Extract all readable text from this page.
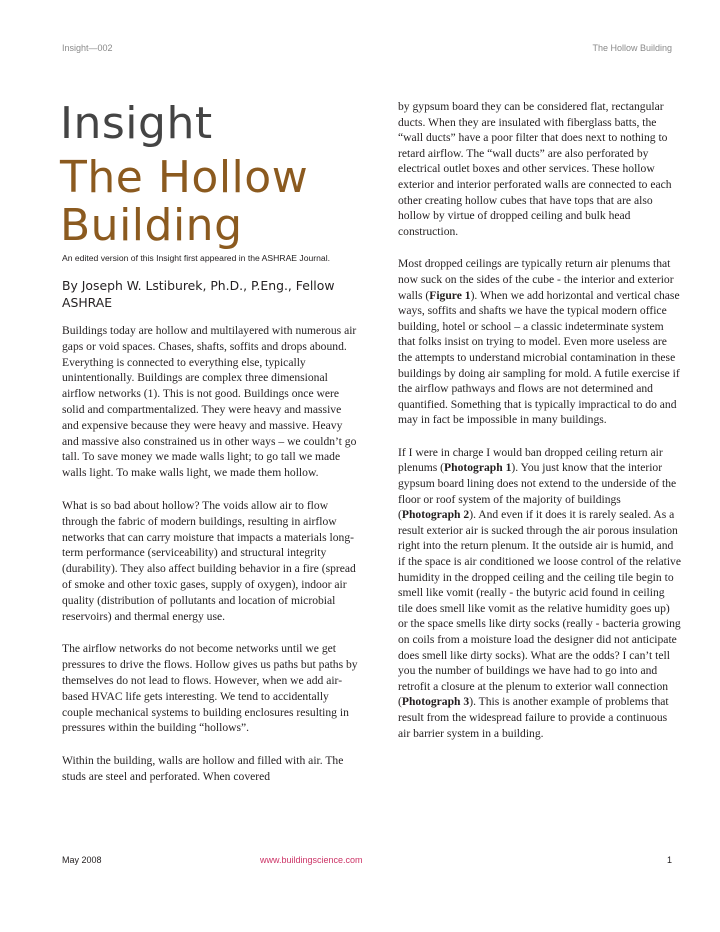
Insight—002	The Hollow Building
Insight
The Hollow
Building
An edited version of this Insight first appeared in the ASHRAE Journal.
By Joseph W. Lstiburek, Ph.D., P.Eng., Fellow ASHRAE

Buildings today are hollow and multilayered with numerous air gaps or void spaces. Chases, shafts, soffits and drops abound. Everything is connected to everything else, typically unintentionally. Buildings are complex three dimensional airflow networks (1). This is not good. Buildings once were solid and compartmentalized. They were heavy and massive and expensive because they were heavy and massive. Heavy and massive also constrained us in other ways – we couldn’t go tall. To save money we made walls light; to go tall we made walls light. To make walls light, we made them hollow.

What is so bad about hollow? The voids allow air to flow through the fabric of modern buildings, resulting in airflow networks that can carry moisture that impacts a materials long-term performance (serviceability) and structural integrity (durability). They also affect building behavior in a fire (spread of smoke and other toxic gases, supply of oxygen), indoor air quality (distribution of pollutants and location of microbial reservoirs) and thermal energy use.

The airflow networks do not become networks until we get pressures to drive the flows. Hollow gives us paths but paths by themselves do not lead to flows. However, when we add air-based HVAC life gets interesting. We tend to accidentally couple mechanical systems to building enclosures resulting in pressures within the building “hollows”.

Within the building, walls are hollow and filled with air. The studs are steel and perforated. When covered

by gypsum board they can be considered flat, rectangular ducts. When they are insulated with fiberglass batts, the “wall ducts” have a poor filter that does next to nothing to retard airflow. The “wall ducts” are also perforated by electrical outlet boxes and other services. These hollow exterior and interior perforated walls are connected to each other creating hollow cubes that have tops that are also hollow by virtue of dropped ceiling and bulk head construction.

Most dropped ceilings are typically return air plenums that now suck on the sides of the cube - the interior and exterior walls (Figure 1). When we add horizontal and vertical chase ways, soffits and shafts we have the typical modern office building, hotel or school – a classic indeterminate system that folks insist on trying to model. Even more useless are the attempts to understand microbial contamination in these buildings by doing air sampling for mold. A futile exercise if the airflow pathways and flows are not determined and quantified. Something that is typically impractical to do and may in fact be impossible in many buildings.

If I were in charge I would ban dropped ceiling return air plenums (Photograph 1). You just know that the interior gypsum board lining does not extend to the underside of the floor or roof system of the majority of buildings (Photograph 2). And even if it does it is rarely sealed. As a result exterior air is sucked through the air porous insulation right into the return plenum. It the outside air is humid, and if the space is air conditioned we loose control of the relative humidity in the dropped ceiling and the ceiling tile begin to smell like vomit (really - the butyric acid found in ceiling tile does smell like vomit as the relative humidity goes up) or the space smells like dirty socks (really - bacteria growing on coils from a moisture load the designer did not anticipate does smell like dirty socks). What are the odds? I can’t tell you the number of buildings we have had to go into and retrofit a closure at the plenum to exterior wall connection (Photograph 3). This is another example of problems that result from the widespread failure to provide a continuous air barrier system in a building.

May 2008	www.buildingscience.com	1
